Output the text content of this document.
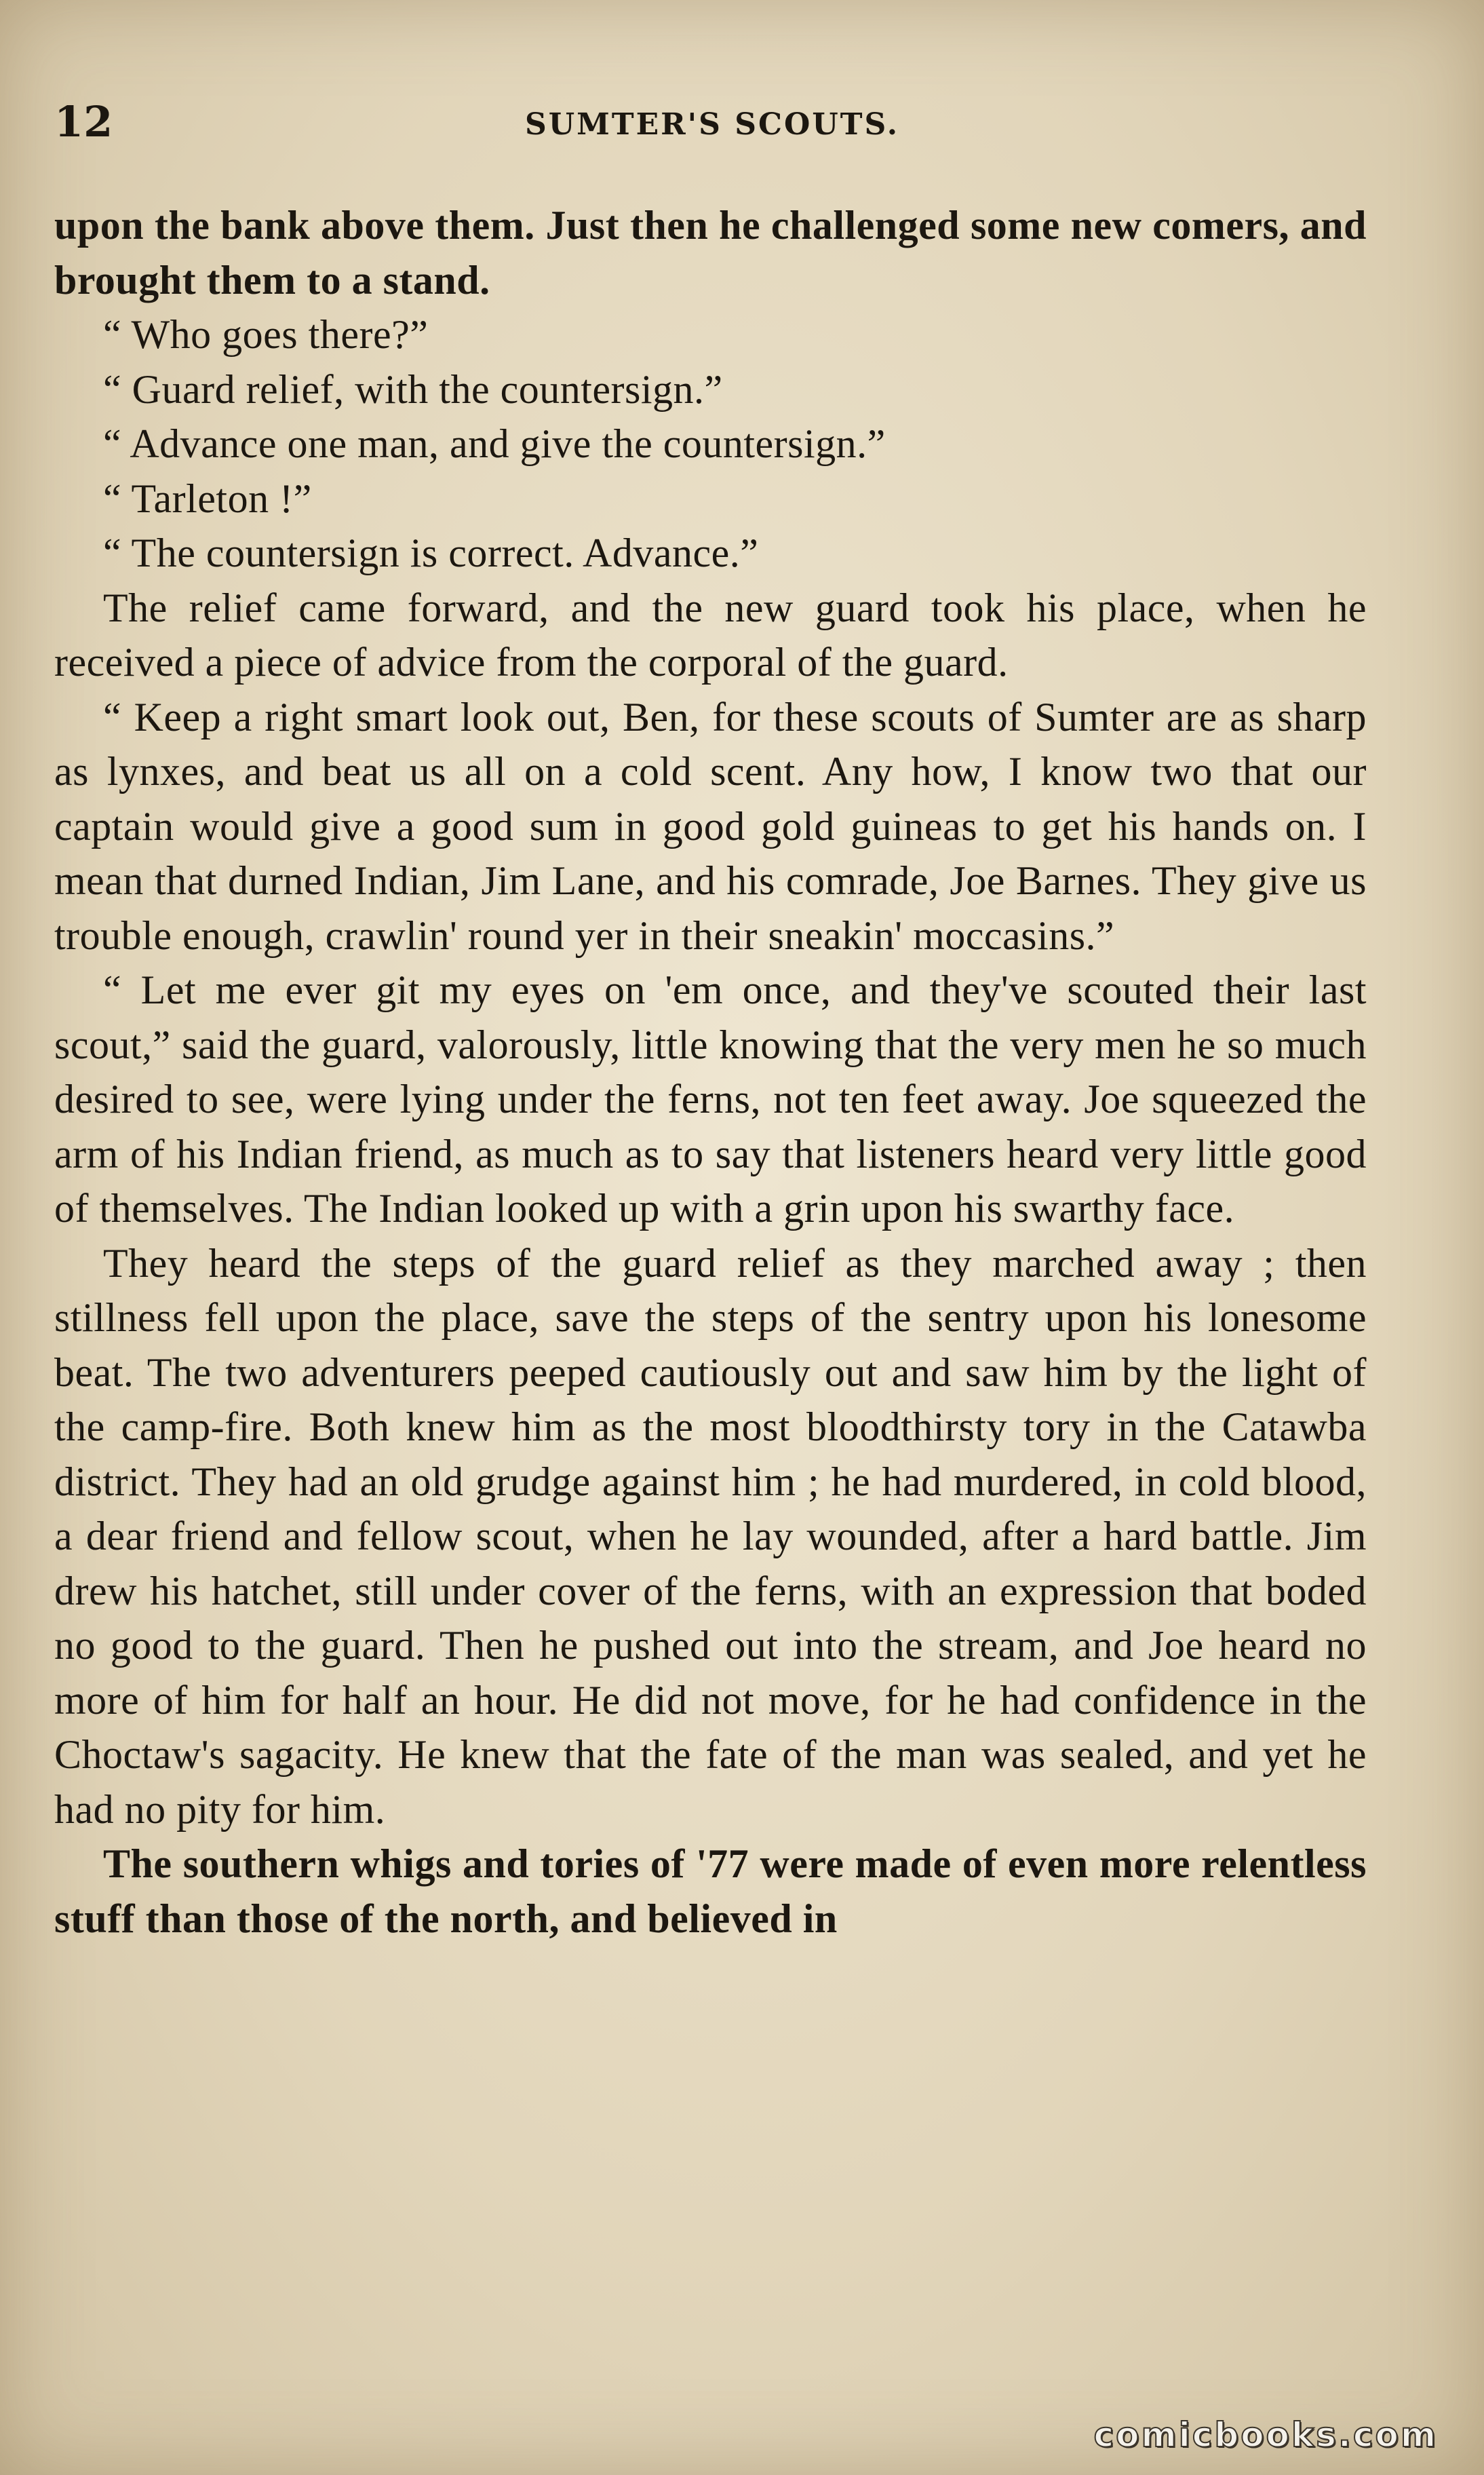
12	SUMTER'S SCOUTS.

upon the bank above them. Just then he challenged some new comers, and brought them to a stand.

“ Who goes there?”

“ Guard relief, with the countersign.”

“ Advance one man, and give the countersign.”

“ Tarleton !”

“ The countersign is correct. Advance.”

The relief came forward, and the new guard took his place, when he received a piece of advice from the corporal of the guard.

“ Keep a right smart look out, Ben, for these scouts of Sumter are as sharp as lynxes, and beat us all on a cold scent. Any how, I know two that our captain would give a good sum in good gold guineas to get his hands on. I mean that durned Indian, Jim Lane, and his comrade, Joe Barnes. They give us trouble enough, crawlin' round yer in their sneakin' moccasins.”

“ Let me ever git my eyes on 'em once, and they've scouted their last scout,” said the guard, valorously, little knowing that the very men he so much desired to see, were lying under the ferns, not ten feet away. Joe squeezed the arm of his Indian friend, as much as to say that listeners heard very little good of themselves. The Indian looked up with a grin upon his swarthy face.

They heard the steps of the guard relief as they marched away ; then stillness fell upon the place, save the steps of the sentry upon his lonesome beat. The two adventurers peeped cautiously out and saw him by the light of the camp-fire. Both knew him as the most bloodthirsty tory in the Catawba district. They had an old grudge against him ; he had murdered, in cold blood, a dear friend and fellow scout, when he lay wounded, after a hard battle. Jim drew his hatchet, still under cover of the ferns, with an expression that boded no good to the guard. Then he pushed out into the stream, and Joe heard no more of him for half an hour. He did not move, for he had confidence in the Choctaw's sagacity. He knew that the fate of the man was sealed, and yet he had no pity for him.

The southern whigs and tories of '77 were made of even more relentless stuff than those of the north, and believed in

comicbooks.com
